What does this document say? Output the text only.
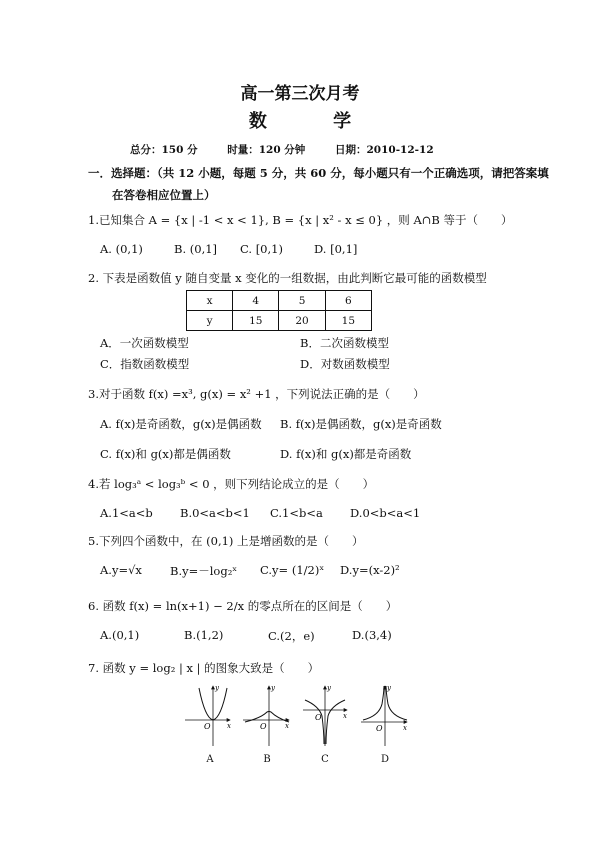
高一第三次月考
数 学
总分：150 分	时量：120 分钟	日期：2010-12-12
一．选择题：（共 12 小题，每题 5 分，共 60 分，每小题只有一个正确选项，请把答案填
在答卷相应位置上）
1.已知集合 A = {x | -1 < x < 1}, B = {x | x² - x ≤ 0} ，则 A∩B 等于（　　）
A. (0,1)	B. (0,1]	C. [0,1)	D. [0,1]
2. 下表是函数值 y 随自变量 x 变化的一组数据，由此判断它最可能的函数模型
x	4	5	6
y	15	20	15
A．一次函数模型	B．二次函数模型
C．指数函数模型	D．对数函数模型
3.对于函数 f(x) =x³, g(x) = x² +1 ，下列说法正确的是（　　）
A. f(x)是奇函数，g(x)是偶函数 B. f(x)是偶函数，g(x)是奇函数
C. f(x)和 g(x)都是偶函数	D. f(x)和 g(x)都是奇函数
4.若 log₃ᵃ < log₃ᵇ < 0 ，则下列结论成立的是（　　）
A.1<a<b	B.0<a<b<1	C.1<b<a	D.0<b<a<1
5.下列四个函数中，在 (0,1) 上是增函数的是（　　）
A.y=√x	B.y=－log₂ˣ	C.y= (1/2)ˣ	D.y=(x-2)²
6. 函数 f(x) = ln(x+1) − 2/x 的零点所在的区间是（　　）
A.(0,1)	B.(1,2)	C.(2，e)	D.(3,4)
7. 函数 y = log₂ | x | 的图象大致是（　　）
O x
y
O	x
y
O	x
y
O	x
y
A	B	C	D
